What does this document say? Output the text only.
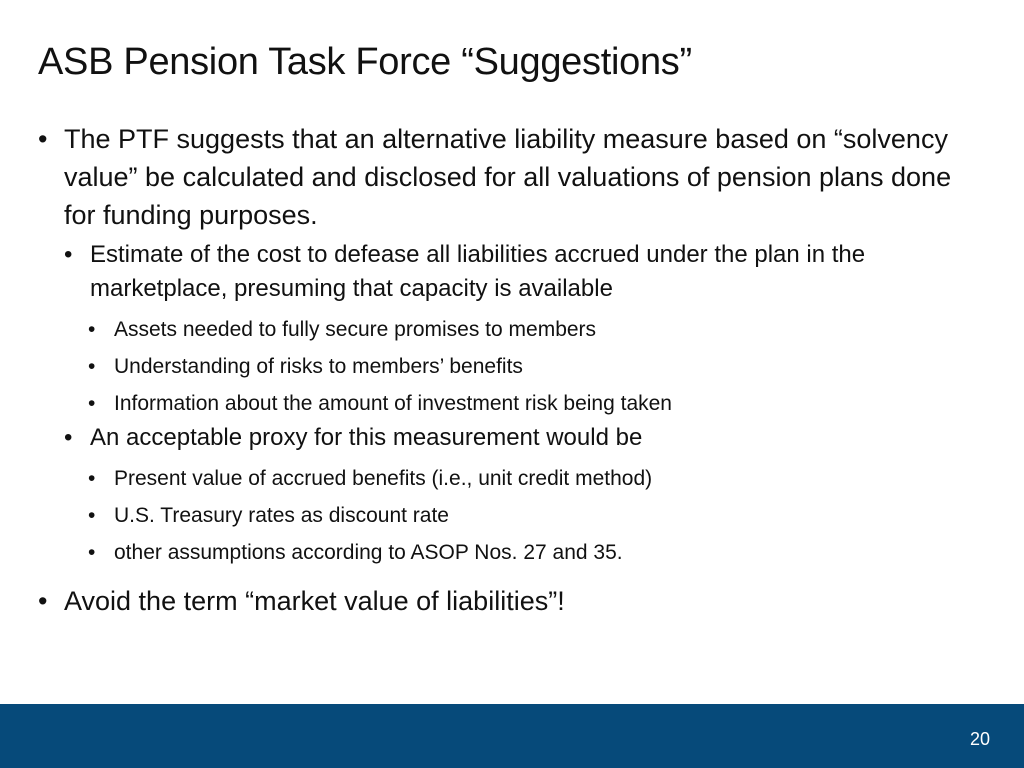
ASB Pension Task Force “Suggestions”

• The PTF suggests that an alternative liability measure based on “solvency value” be calculated and disclosed for all valuations of pension plans done for funding purposes.

• Estimate of the cost to defease all liabilities accrued under the plan in the marketplace, presuming that capacity is available

• Assets needed to fully secure promises to members

• Understanding of risks to members’ benefits

• Information about the amount of investment risk being taken

• An acceptable proxy for this measurement would be

• Present value of accrued benefits (i.e., unit credit method)

• U.S. Treasury rates as discount rate

• other assumptions according to ASOP Nos. 27 and 35.

• Avoid the term “market value of liabilities”!

20
